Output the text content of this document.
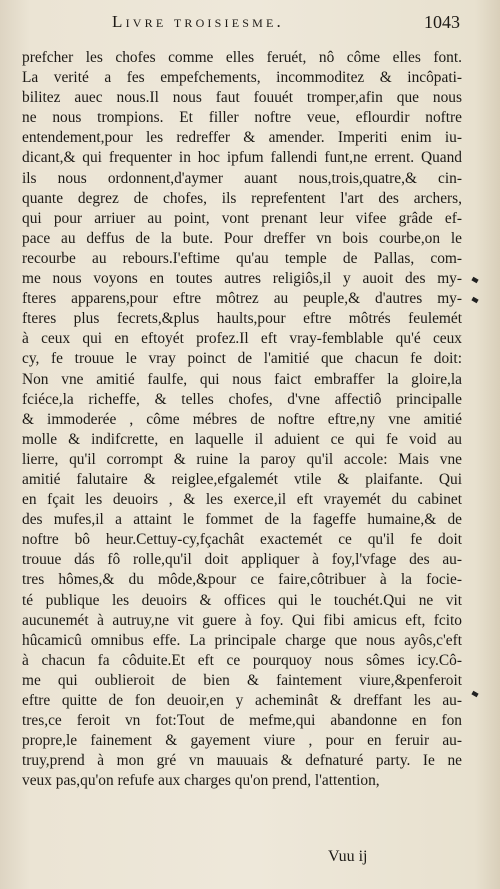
Livre troisiesme.	1043
prefcher les chofes comme elles feruét, nô côme elles font.
La verité a fes empefchements, incommoditez & incôpati-
bilitez auec nous.Il nous faut fouuét tromper,afin que nous
ne nous trompions. Et filler noftre veue, eflourdir noftre
entendement,pour les redreffer & amender. Imperiti enim iu-
dicant,& qui frequenter in hoc ipfum fallendi funt,ne errent. Quand
ils nous ordonnent,d'aymer auant nous,trois,quatre,& cin-
quante degrez de chofes, ils reprefentent l'art des archers,
qui pour arriuer au point, vont prenant leur vifee grâde ef-
pace au deffus de la bute. Pour dreffer vn bois courbe,on le
recourbe au rebours.I'eftime qu'au temple de Pallas, com-
me nous voyons en toutes autres religiôs,il y auoit des my-
fteres apparens,pour eftre môtrez au peuple,& d'autres my-
fteres plus fecrets,&plus haults,pour eftre môtrés feulemét
à ceux qui en eftoyét profez.Il eft vray-femblable qu'é ceux
cy, fe trouue le vray poinct de l'amitié que chacun fe doit:
Non vne amitié faulfe, qui nous faict embraffer la gloire,la
fciéce,la richeffe, & telles chofes, d'vne affectiô principalle
& immoderée , côme mébres de noftre eftre,ny vne amitié
molle & indifcrette, en laquelle il aduient ce qui fe void au
lierre, qu'il corrompt & ruine la paroy qu'il accole: Mais vne
amitié falutaire & reiglee,efgalemét vtile & plaifante. Qui
en fçait les deuoirs , & les exerce,il eft vrayemét du cabinet
des mufes,il a attaint le fommet de la fageffe humaine,& de
noftre bô heur.Cettuy-cy,fçachât exactemét ce qu'il fe doit
trouue dás fô rolle,qu'il doit appliquer à foy,l'vfage des au-
tres hômes,& du môde,&pour ce faire,côtribuer à la focie-
té publique les deuoirs & offices qui le touchét.Qui ne vit
aucunemét à autruy,ne vit guere à foy. Qui fibi amicus eft, fcito
hûcamicû omnibus effe. La principale charge que nous ayôs,c'eft
à chacun fa côduite.Et eft ce pourquoy nous sômes icy.Cô-
me qui oublieroit de bien & faintement viure,&penferoit
eftre quitte de fon deuoir,en y acheminât & dreffant les au-
tres,ce feroit vn fot:Tout de mefme,qui abandonne en fon
propre,le fainement & gayement viure , pour en feruir au-
truy,prend à mon gré vn mauuais & defnaturé party. Ie ne
veux pas,qu'on refufe aux charges qu'on prend, l'attention,
Vuu ij
